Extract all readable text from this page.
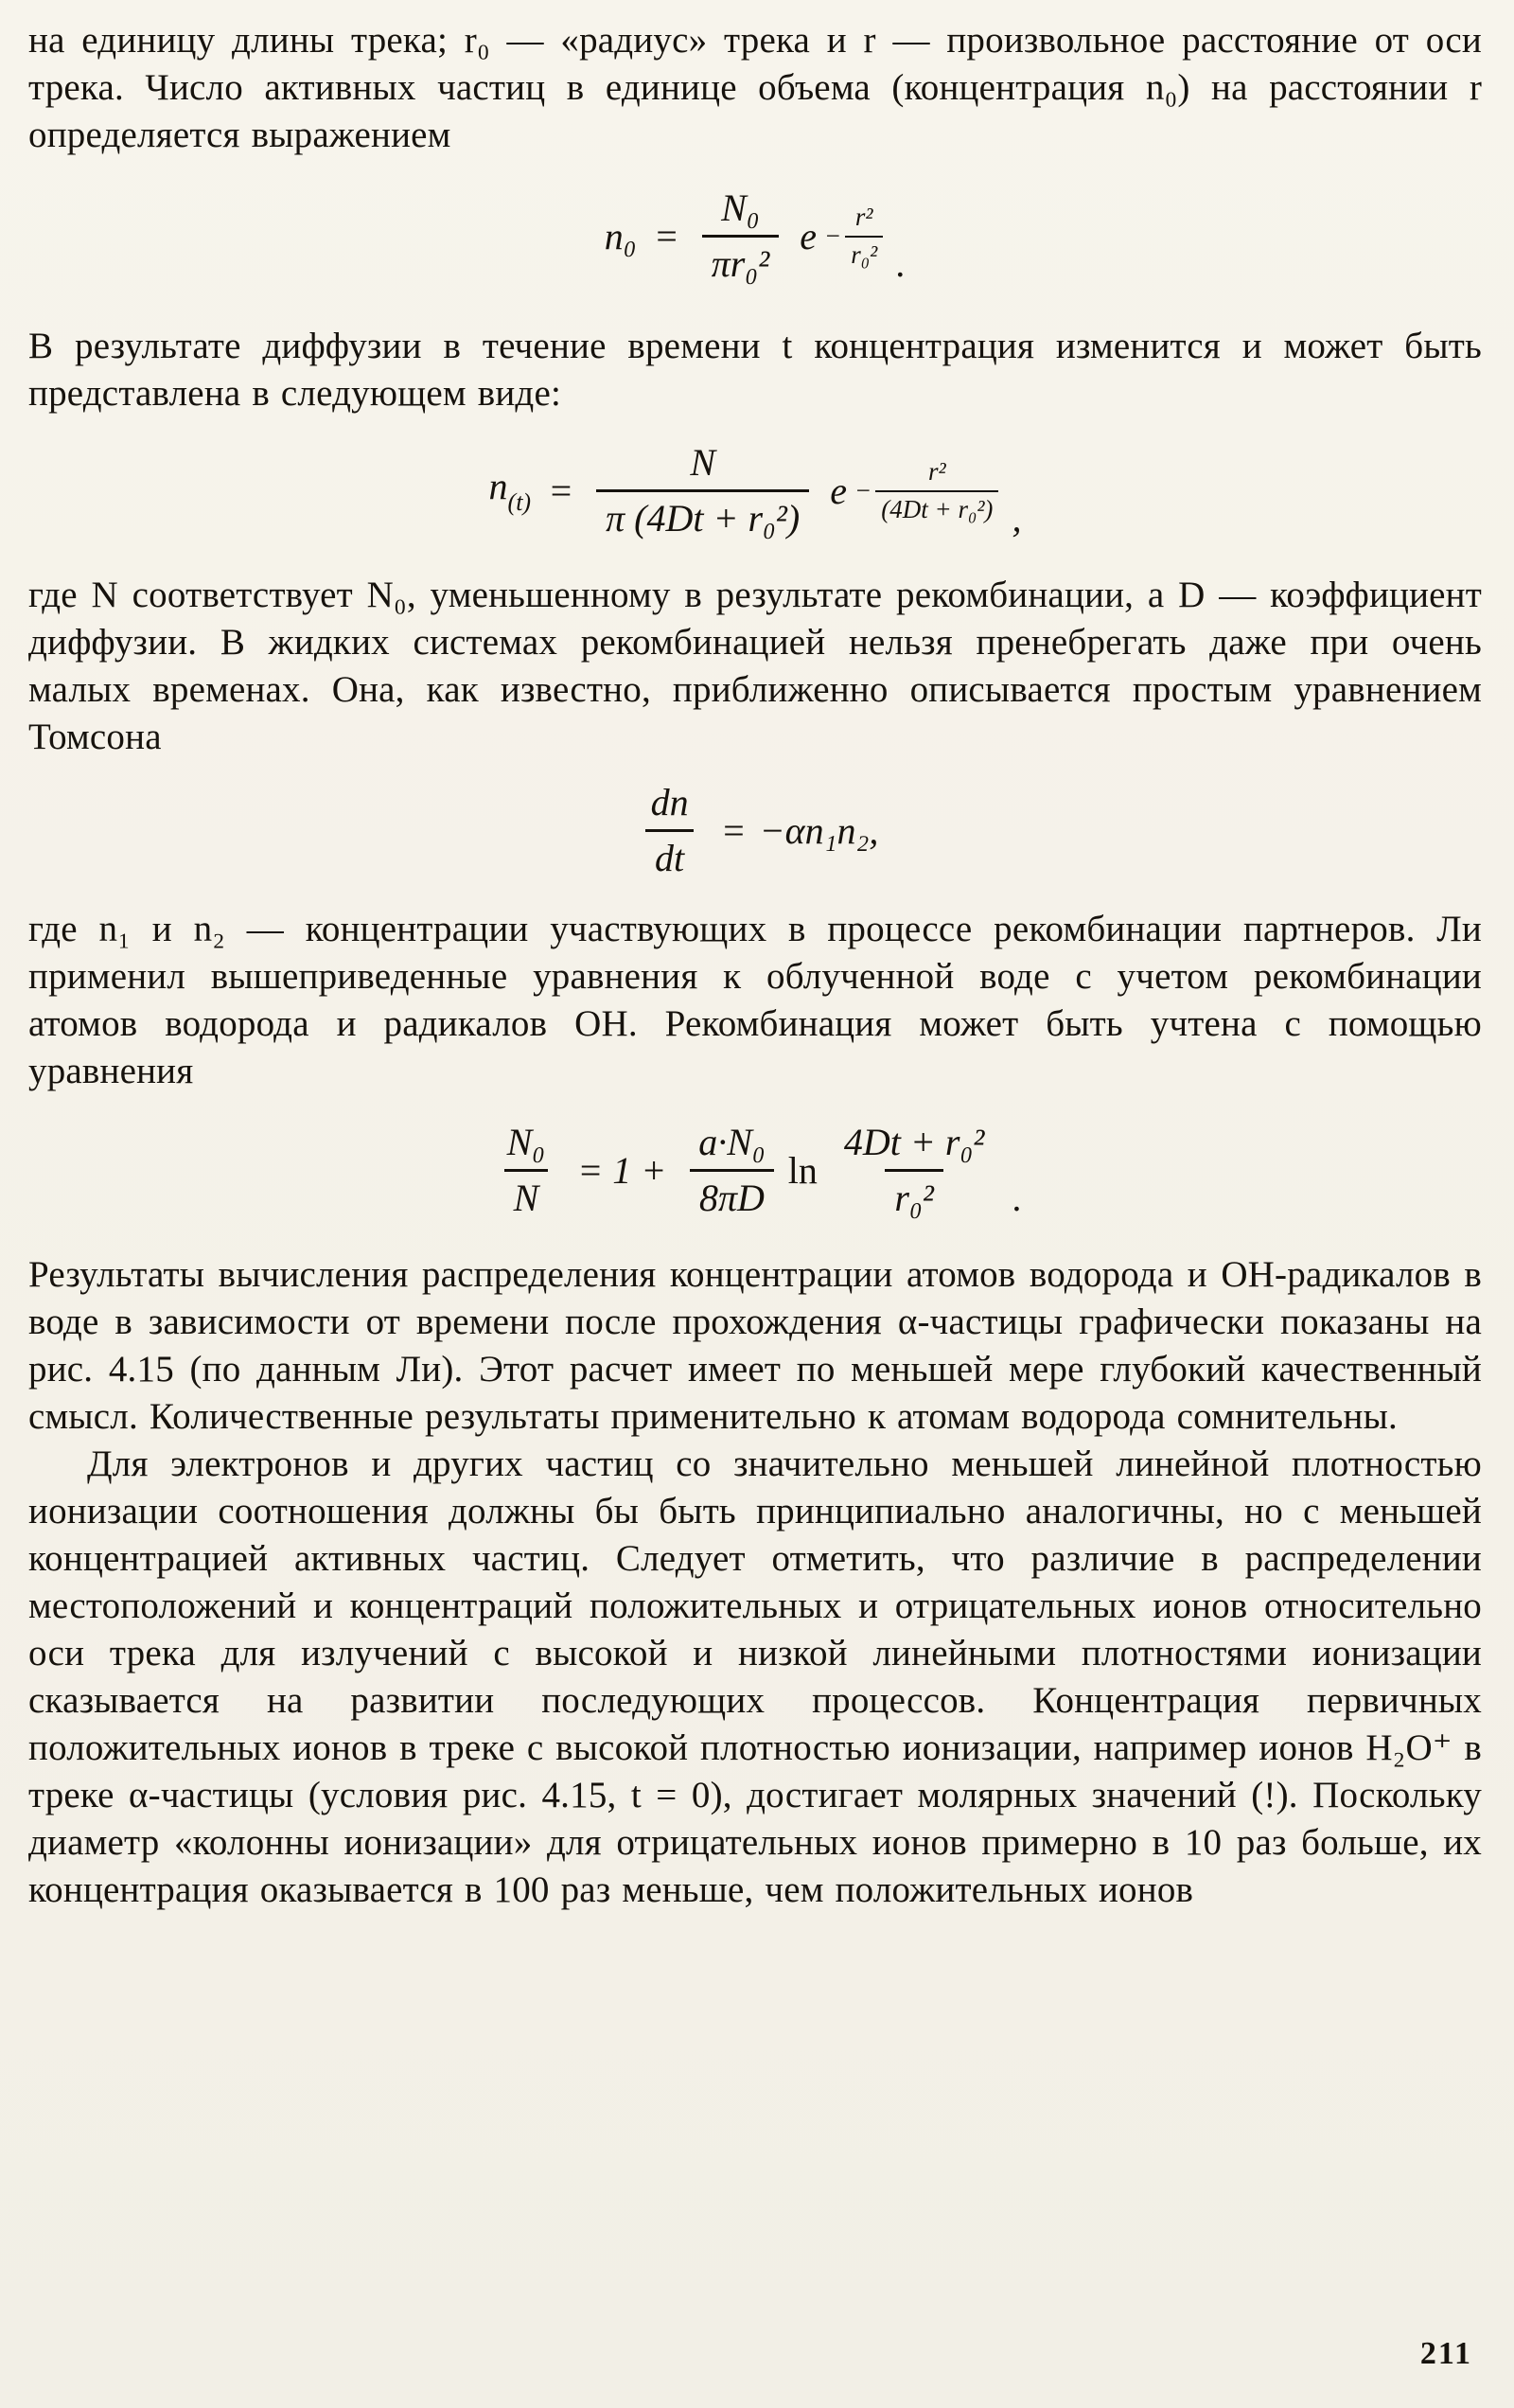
на единицу длины трека; r₀ — «радиус» трека и r — произвольное расстояние от оси трека. Число активных частиц в единице объема (концентрация n₀) на расстоянии r определяется выражением

$n_0 = \frac{\text{N₀}}{\text{πr₀²}}$ $e - \frac{\text{r²}}{\text{r₀²}}$ .

В результате диффузии в течение времени t концентрация изменится и может быть представлена в следующем виде:

$n_{(t)} = \frac{N}{\text{π (4Dt + r₀²)}}$ $e - \frac{\text{r²}}{\text{(4Dt + r₀²)}}$ ,

где N соответствует N₀, уменьшенному в результате рекомбинации, а D — коэффициент диффузии. В жидких системах рекомбинацией нельзя пренебрегать даже при очень малых временах. Она, как известно, приближенно описывается простым уравнением Томсона

$\frac{dn}{dt} = -\alpha n_1n_2$ ,

где n₁ и n₂ — концентрации участвующих в процессе рекомбинации партнеров. Ли применил вышеприведенные уравнения к облученной воде с учетом рекомбинации атомов водорода и радикалов OH. Рекомбинация может быть учтена с помощью уравнения

$\frac{\text{N₀}}{N} = 1 + \frac{\text{a·N₀}}{8\pi D}$ $\ln \frac{\text{4Dt + r₀²}}{\text{r₀²}}$ .

Результаты вычисления распределения концентрации атомов водорода и OH-радикалов в воде в зависимости от времени после прохождения α-частицы графически показаны на рис. 4.15 (по данным Ли). Этот расчет имеет по меньшей мере глубокий качественный смысл. Количественные результаты применительно к атомам водорода сомнительны.

Для электронов и других частиц со значительно меньшей линейной плотностью ионизации соотношения должны бы быть принципиально аналогичны, но с меньшей концентрацией активных частиц. Следует отметить, что различие в распределении местоположений и концентраций положительных и отрицательных ионов относительно оси трека для излучений с высокой и низкой линейными плотностями ионизации сказывается на развитии последующих процессов. Концентрация первичных положительных ионов в треке с высокой плотностью ионизации, например ионов H₂O⁺ в треке α-частицы (условия рис. 4.15, t = 0), достигает молярных значений (!). Поскольку диаметр «колонны ионизации» для отрицательных ионов примерно в 10 раз больше, их концентрация оказывается в 100 раз меньше, чем положительных ионов

211
